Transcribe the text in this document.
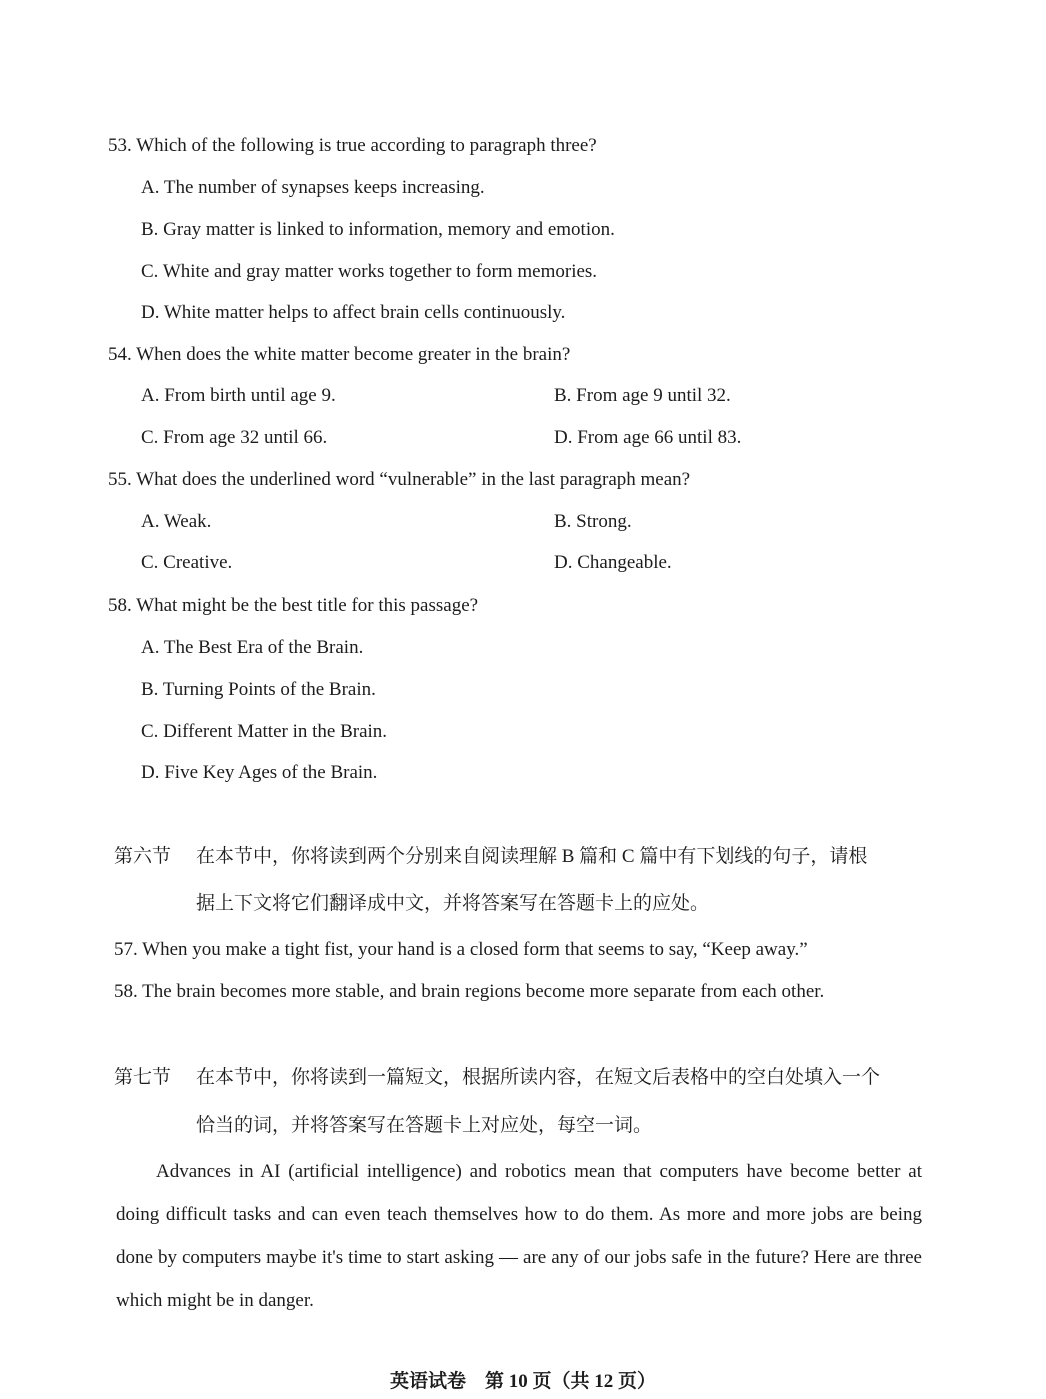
53. Which of the following is true according to paragraph three?
A. The number of synapses keeps increasing.
B. Gray matter is linked to information, memory and emotion.
C. White and gray matter works together to form memories.
D. White matter helps to affect brain cells continuously.
54. When does the white matter become greater in the brain?
A. From birth until age 9.	B. From age 9 until 32.
C. From age 32 until 66.	D. From age 66 until 83.
55. What does the underlined word “vulnerable” in the last paragraph mean?
A. Weak.	B. Strong.
C. Creative.	D. Changeable.
58. What might be the best title for this passage?
A. The Best Era of the Brain.
B. Turning Points of the Brain.
C. Different Matter in the Brain.
D. Five Key Ages of the Brain.
第六节 在本节中，你将读到两个分别来自阅读理解 B 篇和 C 篇中有下划线的句子，请根
据上下文将它们翻译成中文，并将答案写在答题卡上的应处。
57. When you make a tight fist, your hand is a closed form that seems to say, “Keep away.”
58. The brain becomes more stable, and brain regions become more separate from each other.
第七节 在本节中，你将读到一篇短文，根据所读内容，在短文后表格中的空白处填入一个
恰当的词，并将答案写在答题卡上对应处，每空一词。
Advances in AI (artificial intelligence) and robotics mean that computers have become better at doing difficult tasks and can even teach themselves how to do them. As more and more jobs are being done by computers maybe it's time to start asking — are any of our jobs safe in the future? Here are three which might be in danger.
英语试卷　第 10 页（共 12 页）
